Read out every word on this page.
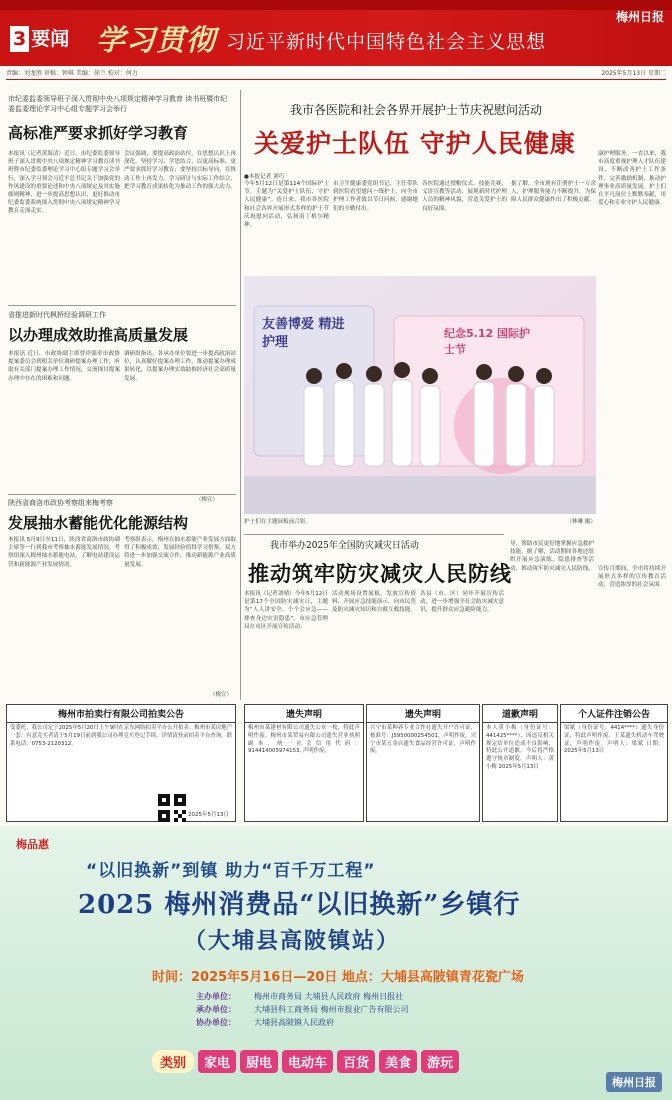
3 要闻 学习贯彻 习近平新时代中国特色社会主义思想
梅州日报
责编：刘龙胜 审稿：钟琪 美编：徐兰 校对：何力	2025年5月13日 星期二
市纪委监委领导班子深入贯彻中央八项规定精神学习教育 读书班暨市纪委监委理论学习中心组专题学习会举行
高标准严要求抓好学习教育
本报讯（记者黄海清）近日，市纪委监委领导班子深入贯彻中央八项规定精神学习教育读书班暨市纪委监委理论学习中心组专题学习会举行，深入学习领会习近平总书记关于加强党的作风建设的重要论述和中央八项规定及其实施细则精神，进一步提高思想认识，更好推动市纪委监委系统深入贯彻中央八项规定精神学习教育走深走实。
会议强调，要提高政治站位，在思想认识上再深化。坚持学习、学思结合，以更高标准、更严要求抓好学习教育；要坚持目标导向，在推动工作上再发力。学习研讨与实际工作结合，把学习教育成果转化为推动工作的强大动力。
省推进新时代枫桥经验调研工作
以办理成效助推高质量发展
本报讯 近日，市政协副主席曾祥强率市政协提案委员会到相关单位调研提案办理工作，听取有关部门提案办理工作情况，交流探讨提案办理中存在的困难和问题。
调研组指出，各承办单位要进一步提高政治站位，认真做好提案办理工作，推动提案办理成果转化，以提案办理实效助推经济社会高质量发展。
（梅宣）
陕西省商洛市政协考察组来梅考察
发展抽水蓄能优化能源结构
本报讯 5月9日至11日，陕西省商洛市政协副主席等一行到我市考察抽水蓄能发展情况。考察组深入梅州抽水蓄能电站，了解电站建设运营和新能源产业发展情况。
考察组表示，梅州在抽水蓄能产业发展方面取得了积极成效，发展经验值得学习借鉴。双方将进一步加强交流合作，推动新能源产业高质量发展。
（梅宣）
我市各医院和社会各界开展护士节庆祝慰问活动
关爱护士队伍 守护人民健康
●本报记者 刘巧
今年5月12日是第114个国际护士节。主题为“关爱护士队伍，守护人民健康”。连日来，我市各医院和社会各界开展形式多样的护士节庆祝慰问活动，弘扬南丁格尔精神。
市卫生健康委党组书记、主任带队到医院看望慰问一线护士，向全市护理工作者致以节日问候，感谢她们的辛勤付出。
各医院通过授帽仪式、技能竞赛、义诊宣教等活动，展现新时代护理人员的精神风貌，营造关爱护士的良好氛围。
据了解，全市现有注册护士一万余人，护理服务能力不断提升，为保障人民群众健康作出了积极贡献。
康护理服务。一直以来，我市高度重视护理人才队伍建设，不断改善护士工作条件，完善激励机制，推动护理事业高质量发展。护士们在平凡岗位上默默奉献，用爱心和专业守护人民健康。
友善博爱 精进护理
纪念5.12 国际护士节
护士们在主题展板前合影。	（林琳 摄）
我市举办2025年全国防灾减灾日活动
推动筑牢防灾减灾人民防线
本报讯（记者刘晴）今年5月12日是第17个全国防灾减灾日，主题为“人人讲安全、个个会应急——排查身边灾害隐患”。市应急管理局在市区开展宣传活动。
活动现场设置展板、发放宣传资料、开展应急技能演示，向市民普及防灾减灾知识和自救互救技能。
各县（市、区）同步开展宣传活动，进一步增强全社会防灾减灾意识，提升群众应急避险能力。
导，帮助市民更好地掌握应急救护技能。据了解，活动期间各地还组织开展应急演练、隐患排查等活动，推动筑牢防灾减灾人民防线。 宣传月期间，全市将持续开展形式多样的宣传教育活动，营造浓厚的社会氛围。
梅州市拍卖行有限公司拍卖公告
受委托，我公司定于2025年5月20日上午9时在京东网络拍卖平台公开拍卖：梅州市某房地产一套。有意竞买者请于5月19日前到我公司办理竞买登记手续。详情请登录拍卖平台查询。联系电话：0753-2120312。
2025年5月13日
遗失声明
梅州市某建材有限公司遗失公章一枚，特此声明作废。梅州市某贸易有限公司遗失营业执照副本，统一社会信用代码：914414005974153, 声明作废。
遗失声明
兴宁市某种养专业合作社遗失开户许可证，核准号：J5950000254501，声明作废。兴宁市某五金店遗失食品经营许可证，声明作废。
道歉声明
本人黄小梅（身份证号：441425****），因违反相关规定给单位造成不良影响，特此公开道歉，今后将严格遵守规章制度。声明人：黄小梅 2025年5月13日
个人证件注销公告
梁斌（身份证号：4414****）遗失身份证，特此声明作废。王某遗失机动车驾驶证，声明作废。声明人：梁斌 日期：2025年5月13日
梅品惠
“以旧换新”到镇 助力“百千万工程”
2025 梅州消费品“以旧换新”乡镇行
（大埔县高陂镇站）
时间：2025年5月16日—20日 地点：大埔县高陂镇青花瓷广场
主办单位： 梅州市商务局 大埔县人民政府 梅州日报社
承办单位： 大埔县科工商务局 梅州市报业广告有限公司
协办单位： 大埔县高陂镇人民政府
类别	家电	厨电	电动车	百货	美食	游玩
梅州日报
